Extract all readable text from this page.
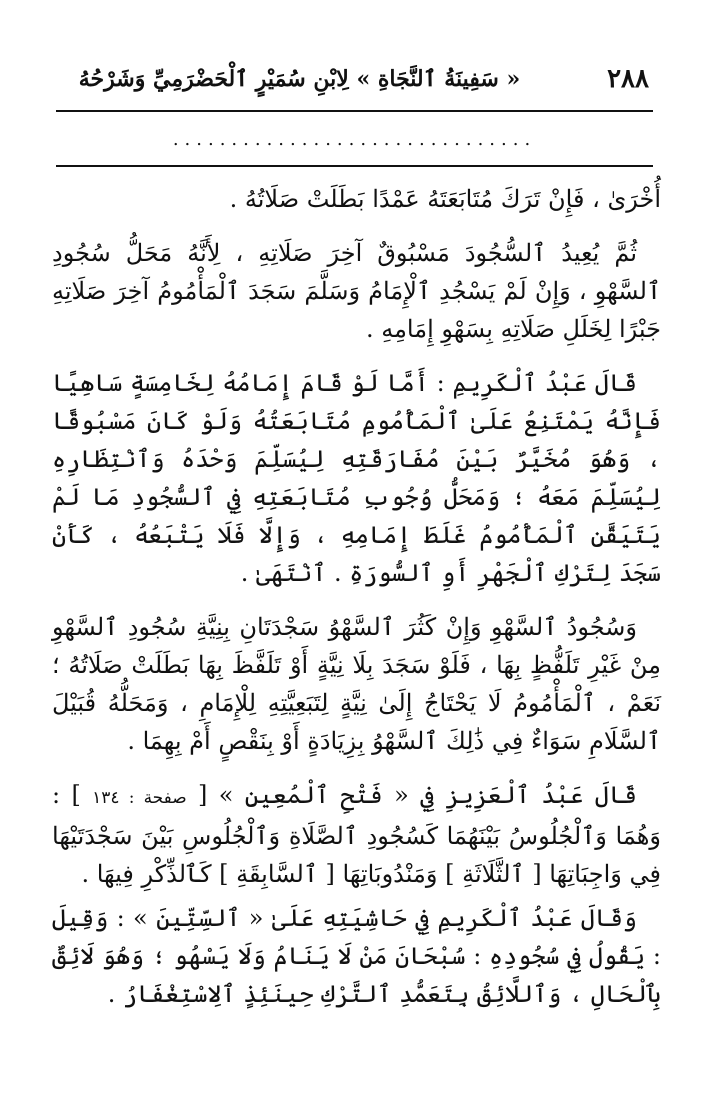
٢٨٨
« سَفِينَةُ ٱلنَّجَاةِ » لِابْنِ سُمَيْرٍ ٱلْحَضْرَمِيِّ وَشَرْحُهُ
...............................

أُخْرَىٰ ، فَإِنْ تَرَكَ مُتَابَعَتَهُ عَمْدًا بَطَلَتْ صَلَاتُهُ .

ثُمَّ يُعِيدُ ٱلسُّجُودَ مَسْبُوقٌ آخِرَ صَلَاتِهِ ، لِأَنَّهُ مَحَلُّ سُجُودِ ٱلسَّهْوِ ، وَإِنْ لَمْ يَسْجُدِ ٱلْإِمَامُ وَسَلَّمَ سَجَدَ ٱلْمَأْمُومُ آخِرَ صَلَاتِهِ جَبْرًا لِخَلَلِ صَلَاتِهِ بِسَهْوِ إِمَامِهِ .

قَالَ عَبْدُ ٱلْكَرِيمِ : أَمَّا لَوْ قَامَ إِمَامُهُ لِخَامِسَةٍ سَاهِيًا فَإِنَّهُ يَمْتَنِعُ عَلَىٰ ٱلْمَأْمُومِ مُتَابَعَتُهُ وَلَوْ كَانَ مَسْبُوقًا ، وَهُوَ مُخَيَّرٌ بَيْنَ مُفَارَقَتِهِ لِيُسَلِّمَ وَحْدَهُ وَٱنْتِظَارِهِ لِيُسَلِّمَ مَعَهُ ؛ وَمَحَلُّ وُجُوبِ مُتَابَعَتِهِ فِي ٱلسُّجُودِ مَا لَمْ يَتَيَقَّنِ ٱلْمَأْمُومُ غَلَطَ إِمَامِهِ ، وَإِلَّا فَلَا يَتْبَعُهُ ، كَأَنْ سَجَدَ لِتَرْكِ ٱلْجَهْرِ أَوِ ٱلسُّورَةِ . ٱنْتَهَىٰ .

وَسُجُودُ ٱلسَّهْوِ وَإِنْ كَثُرَ ٱلسَّهْوُ سَجْدَتَانِ بِنِيَّةِ سُجُودِ ٱلسَّهْوِ مِنْ غَيْرِ تَلَفُّظٍ بِهَا ، فَلَوْ سَجَدَ بِلَا نِيَّةٍ أَوْ تَلَفَّظَ بِهَا بَطَلَتْ صَلَاتُهُ ؛ نَعَمْ ، ٱلْمَأْمُومُ لَا يَحْتَاجُ إِلَىٰ نِيَّةٍ لِتَبَعِيَّتِهِ لِلْإِمَامِ ، وَمَحَلُّهُ قُبَيْلَ ٱلسَّلَامِ سَوَاءٌ فِي ذَٰلِكَ ٱلسَّهْوُ بِزِيَادَةٍ أَوْ بِنَقْصٍ أَمْ بِهِمَا .

قَالَ عَبْدُ ٱلْعَزِيزِ فِي « فَتْحِ ٱلْمُعِينِ » [ صفحة : ١٣٤ ] : وَهُمَا وَٱلْجُلُوسُ بَيْنَهُمَا كَسُجُودِ ٱلصَّلَاةِ وَٱلْجُلُوسِ بَيْنَ سَجْدَتَيْهَا فِي وَاجِبَاتِهَا [ ٱلثَّلَاثَةِ ] وَمَنْدُوبَاتِهَا [ ٱلسَّابِقَةِ ] كَٱلذِّكْرِ فِيهَا .

وَقَالَ عَبْدُ ٱلْكَرِيمِ فِي حَاشِيَتِهِ عَلَىٰ « ٱلسِّتِّينَ » : وَقِيلَ : يَقُولُ فِي سُجُودِهِ : سُبْحَانَ مَنْ لَا يَنَامُ وَلَا يَسْهُو ؛ وَهُوَ لَائِقٌ بِٱلْحَالِ ، وَٱللَّائِقُ بِتَعَمُّدِ ٱلتَّرْكِ حِينَئِذٍ ٱلِاسْتِغْفَارُ .
